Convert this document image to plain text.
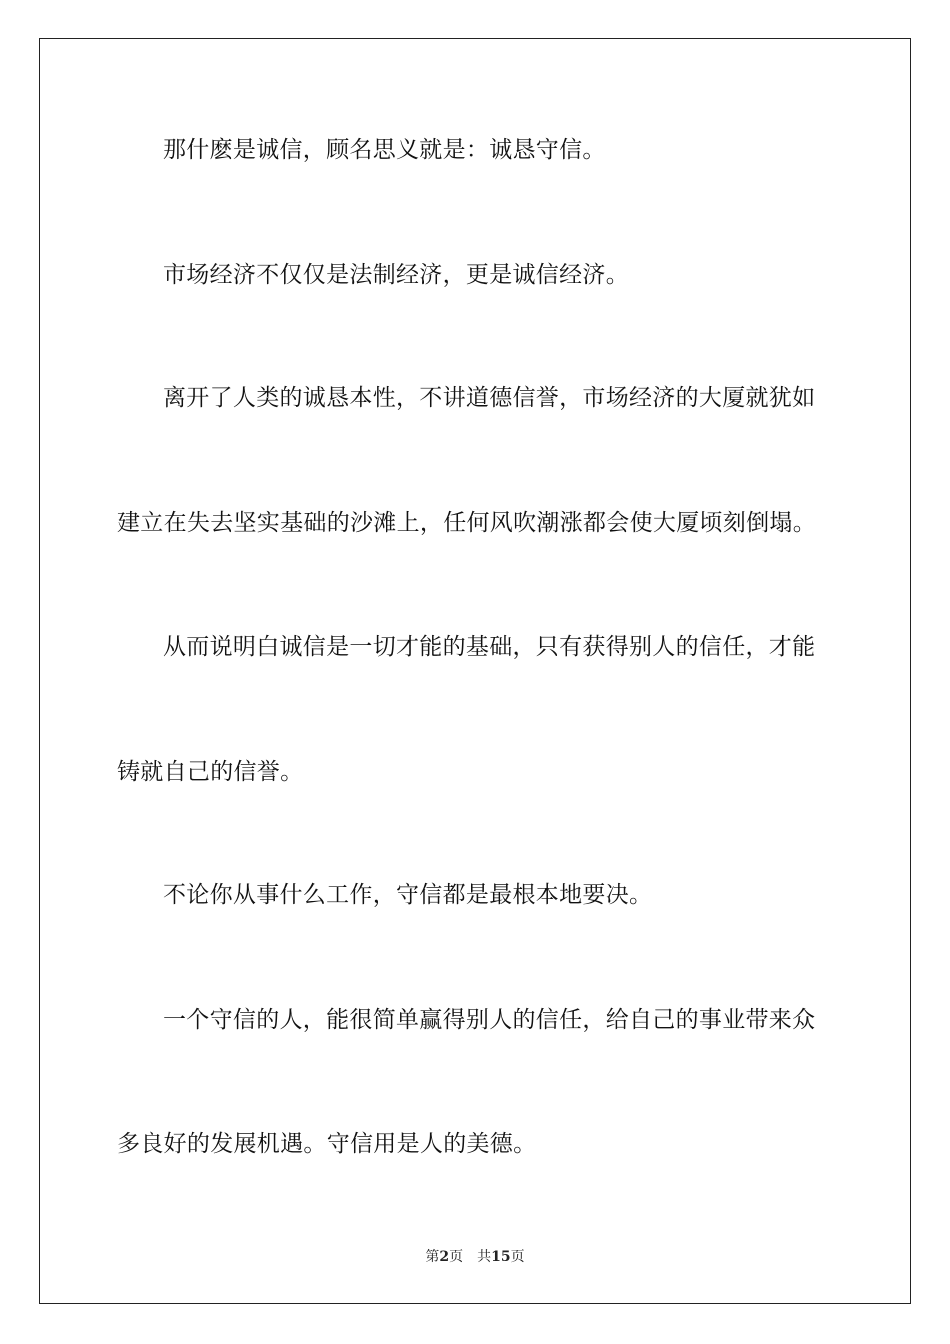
那什麽是诚信，顾名思义就是：诚恳守信。
市场经济不仅仅是法制经济，更是诚信经济。
离开了人类的诚恳本性，不讲道德信誉，市场经济的大厦就犹如
建立在失去坚实基础的沙滩上，任何风吹潮涨都会使大厦顷刻倒塌。
从而说明白诚信是一切才能的基础，只有获得别人的信任，才能
铸就自己的信誉。
不论你从事什么工作，守信都是最根本地要决。
一个守信的人，能很简单赢得别人的信任，给自己的事业带来众
多良好的发展机遇。守信用是人的美德。
第2页 共15页
